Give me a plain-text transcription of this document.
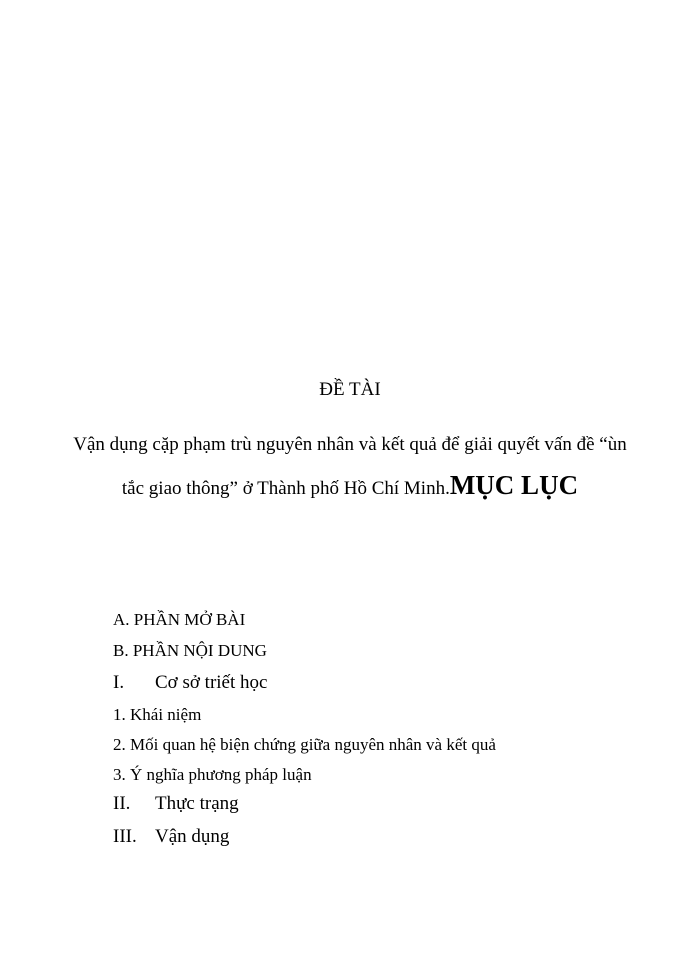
ĐỀ TÀI
Vận dụng cặp phạm trù nguyên nhân và kết quả để giải quyết vấn đề “ùn tắc giao thông” ở Thành phố Hồ Chí Minh.MỤC LỤC
A. PHẦN MỞ BÀI
B. PHẦN NỘI DUNG
I. Cơ sở triết học
1. Khái niệm
2. Mối quan hệ biện chứng giữa nguyên nhân và kết quả
3. Ý nghĩa phương pháp luận
II. Thực trạng
III. Vận dụng
